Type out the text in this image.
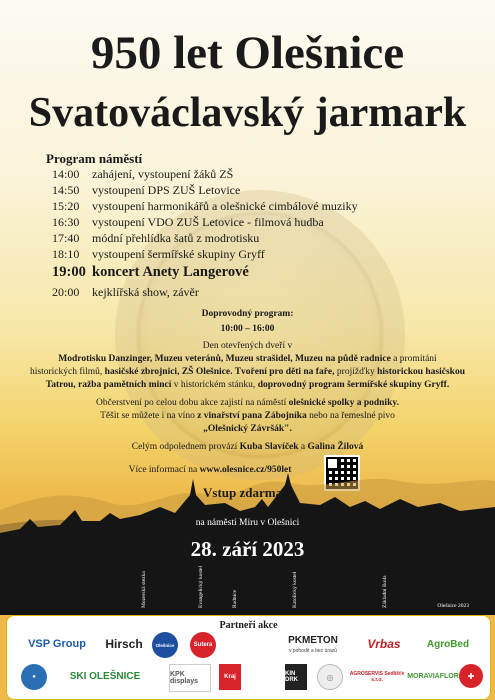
950 let Olešnice
Svatováclavský jarmark
Program náměstí
14:00	zahájení, vystoupení žáků ZŠ
14:50	vystoupení DPS ZUŠ Letovice
15:20	vystoupení harmonikářů a olešnické cimbálové muziky
16:30	vystoupení VDO ZUŠ Letovice - filmová hudba
17:40	módní přehlídka šatů z modrotisku
18:10	vystoupení šermířské skupiny Gryff
19:00 koncert Anety Langerové
20:00	kejklířská show, závěr
Doprovodný program:
10:00 – 16:00
Den otevřených dveří v
Modrotisku Danzinger, Muzeu veteránů, Muzeu strašidel, Muzeu na půdě radnice a promítání
historických filmů, hasičské zbrojnici, ZŠ Olešnice. Tvoření pro děti na faře, projížďky historickou hasičskou
Tatrou, ražba pamětních mincí v historickém stánku, doprovodný program šermířské skupiny Gryff.
Občerstvení po celou dobu akce zajistí na náměstí olešnické spolky a podniky.
Těšit se můžete i na víno z vinařství pana Zábojníka nebo na řemeslné pivo
„Olešnický Závršák".
Celým odpolednem provází Kuba Slavíček a Galina Žilová
Více informací na www.olesnice.cz/950let
Vstup zdarma
na náměstí Míru v Olešnici
28. září 2023
Mozerská stezka	Evangelický kostel	Radnice	Katolický kostel	Základní škola	Olešnice 2023
Partneři akce
VSP Group	Hirsch	Olešnice	Sutera	PKMETON
v pohodě a bez úrazů	Vrbas	AgroBed
●	SKI OLEŠNICE	KPK displays
Kraj	KIN DRK	◎	AGROSERVIS Sedlišťe s.r.o.
MORAVIAFLOR	✚
